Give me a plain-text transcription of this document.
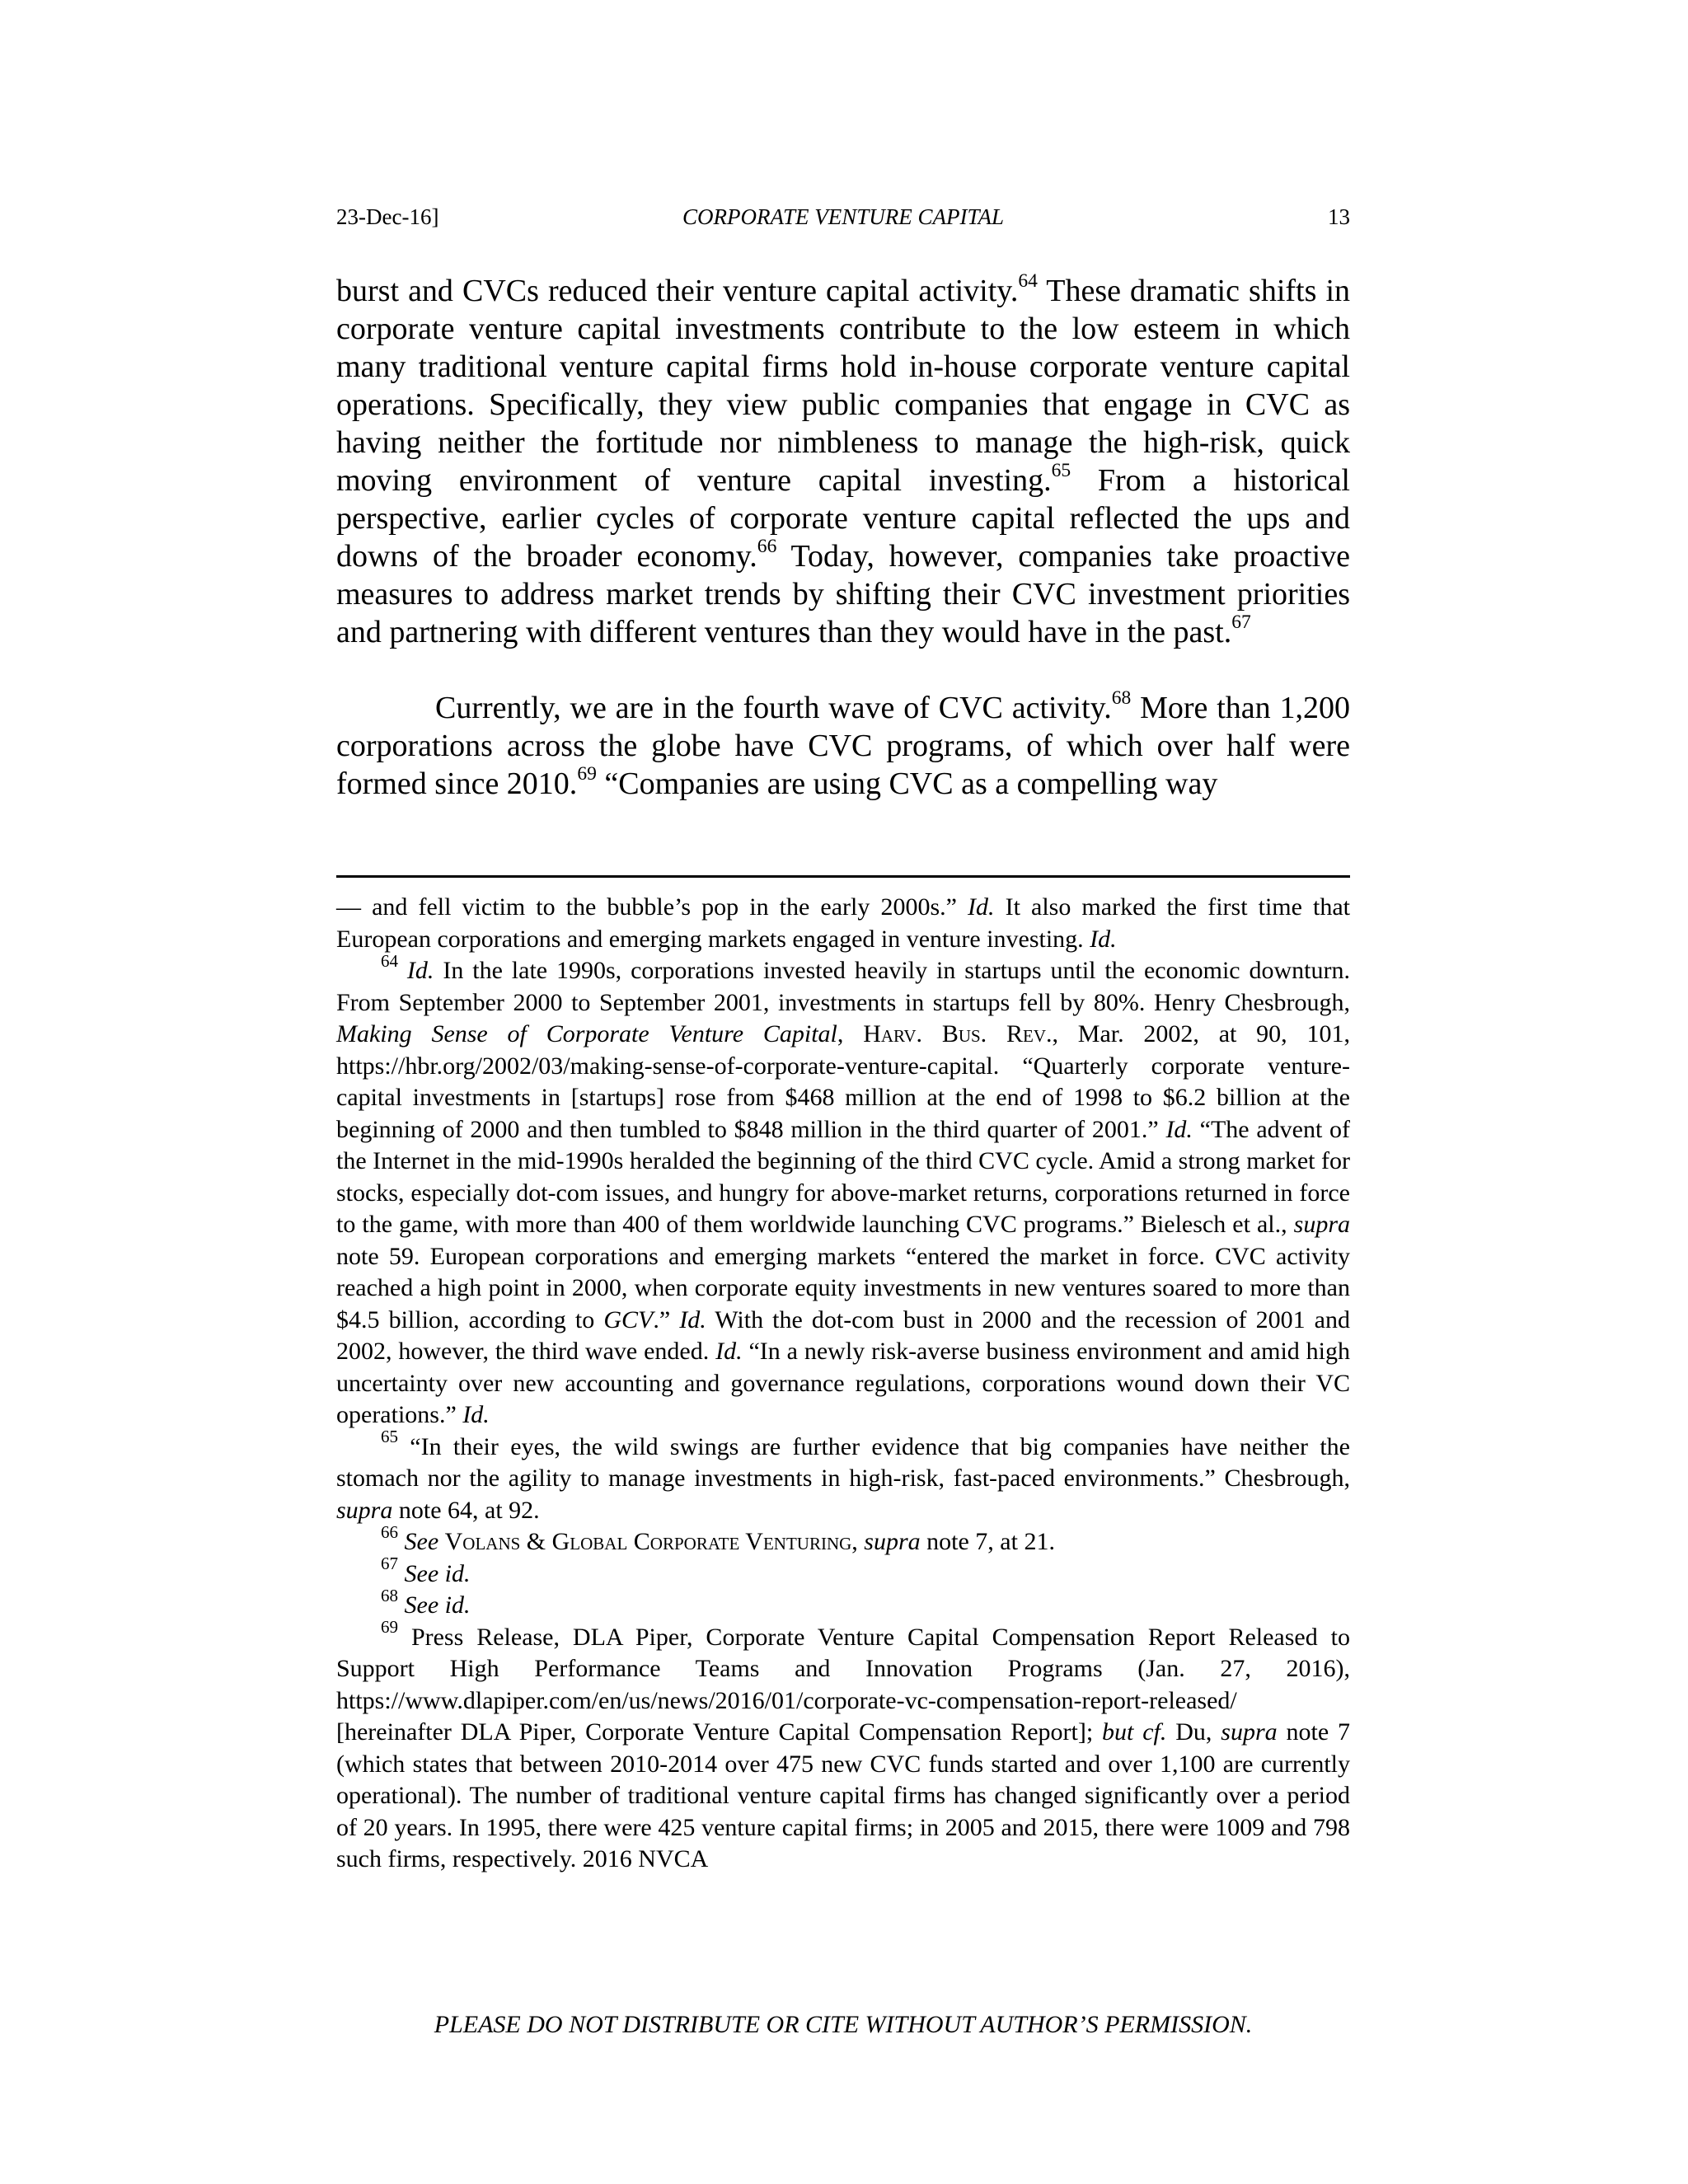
23-Dec-16]	CORPORATE VENTURE CAPITAL	13

burst and CVCs reduced their venture capital activity.$^{64}$ These dramatic shifts in corporate venture capital investments contribute to the low esteem in which many traditional venture capital firms hold in-house corporate venture capital operations. Specifically, they view public companies that engage in CVC as having neither the fortitude nor nimbleness to manage the high-risk, quick moving environment of venture capital investing.$^{65}$ From a historical perspective, earlier cycles of corporate venture capital reflected the ups and downs of the broader economy.$^{66}$ Today, however, companies take proactive measures to address market trends by shifting their CVC investment priorities and partnering with different ventures than they would have in the past.$^{67}$

Currently, we are in the fourth wave of CVC activity.$^{68}$ More than 1,200 corporations across the globe have CVC programs, of which over half were formed since 2010.69 “Companies are using CVC as a compelling way

— and fell victim to the bubble’s pop in the early 2000s.” Id. It also marked the first time that European corporations and emerging markets engaged in venture investing. Id.

$^{64}$ Id. In the late 1990s, corporations invested heavily in startups until the economic downturn. From September 2000 to September 2001, investments in startups fell by 80%. Henry Chesbrough, Making Sense of Corporate Venture Capital, Harv. Bus. Rev., Mar. 2002, at 90, 101, https://hbr.org/2002/03/making-sense-of-corporate-venture-capital. “Quarterly corporate venture-capital investments in [startups] rose from $468 million at the end of 1998 to $6.2 billion at the beginning of 2000 and then tumbled to $848 million in the third quarter of 2001.” Id. “The advent of the Internet in the mid-1990s heralded the beginning of the third CVC cycle. Amid a strong market for stocks, especially dot-com issues, and hungry for above-market returns, corporations returned in force to the game, with more than 400 of them worldwide launching CVC programs.” Bielesch et al., supra note 59. European corporations and emerging markets “entered the market in force. CVC activity reached a high point in 2000, when corporate equity investments in new ventures soared to more than $4.5 billion, according to GCV.” Id. With the dot-com bust in 2000 and the recession of 2001 and 2002, however, the third wave ended. Id. “In a newly risk-averse business environment and amid high uncertainty over new accounting and governance regulations, corporations wound down their VC operations.” Id.

$^{65}$ “In their eyes, the wild swings are further evidence that big companies have neither the stomach nor the agility to manage investments in high-risk, fast-paced environments.” Chesbrough, supra note 64, at 92.

$^{66}$ See Volans & Global Corporate Venturing, supra note 7, at 21.

$^{67}$ See id.

$^{68}$ See id.

$^{69}$ Press Release, DLA Piper, Corporate Venture Capital Compensation Report Released to Support High Performance Teams and Innovation Programs (Jan. 27, 2016), https://www.dlapiper.com/en/us/news/2016/01/corporate-vc-compensation-report-released/ [hereinafter DLA Piper, Corporate Venture Capital Compensation Report]; but cf. Du, supra note 7 (which states that between 2010-2014 over 475 new CVC funds started and over 1,100 are currently operational). The number of traditional venture capital firms has changed significantly over a period of 20 years. In 1995, there were 425 venture capital firms; in 2005 and 2015, there were 1009 and 798 such firms, respectively. 2016 NVCA

PLEASE DO NOT DISTRIBUTE OR CITE WITHOUT AUTHOR’S PERMISSION.
